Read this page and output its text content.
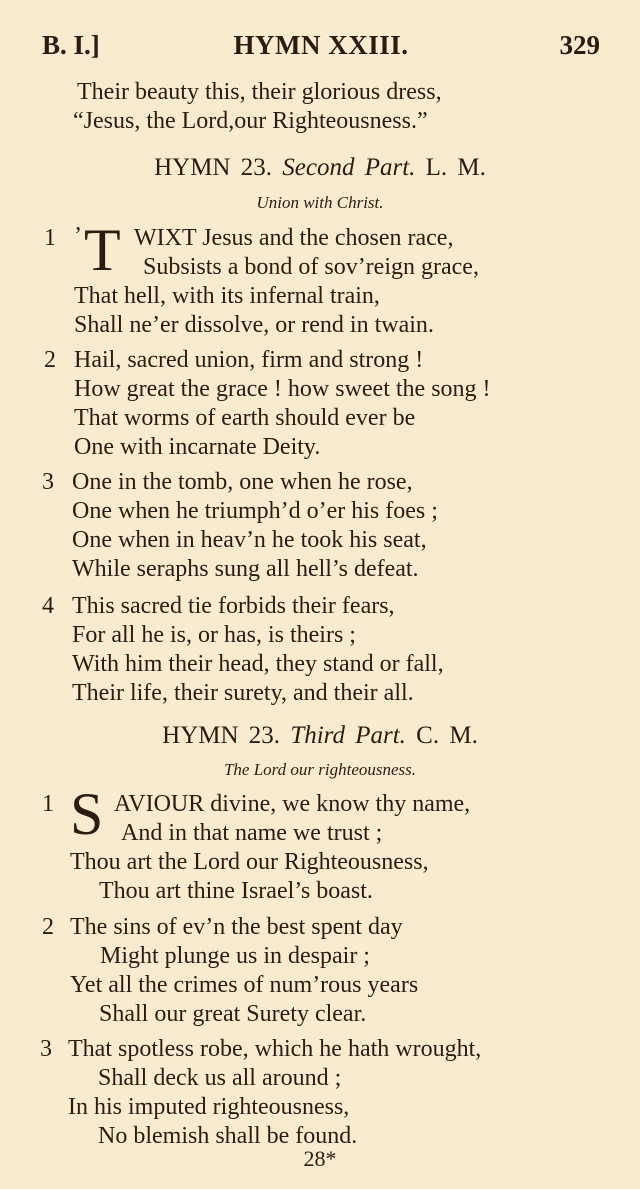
B. I.]	HYMN XXIII.	329
Their beauty this, their glorious dress,
“Jesus, the Lord,our Righteousness.”
HYMN 23. Second Part. L. M.
Union with Christ.
1 ’ T WIXT Jesus and the chosen race,
Subsists a bond of sov’reign grace,
That hell, with its infernal train,
Shall ne’er dissolve, or rend in twain.
2 Hail, sacred union, firm and strong !
How great the grace ! how sweet the song !
That worms of earth should ever be
One with incarnate Deity.
3 One in the tomb, one when he rose,
One when he triumph’d o’er his foes ;
One when in heav’n he took his seat,
While seraphs sung all hell’s defeat.
4 This sacred tie forbids their fears,
For all he is, or has, is theirs ;
With him their head, they stand or fall,
Their life, their surety, and their all.
HYMN 23. Third Part. C. M.
The Lord our righteousness.
1 S AVIOUR divine, we know thy name,
And in that name we trust ;
Thou art the Lord our Righteousness,
Thou art thine Israel’s boast.
2 The sins of ev’n the best spent day
Might plunge us in despair ;
Yet all the crimes of num’rous years
Shall our great Surety clear.
3 That spotless robe, which he hath wrought,
Shall deck us all around ;
In his imputed righteousness,
No blemish shall be found.
28*
